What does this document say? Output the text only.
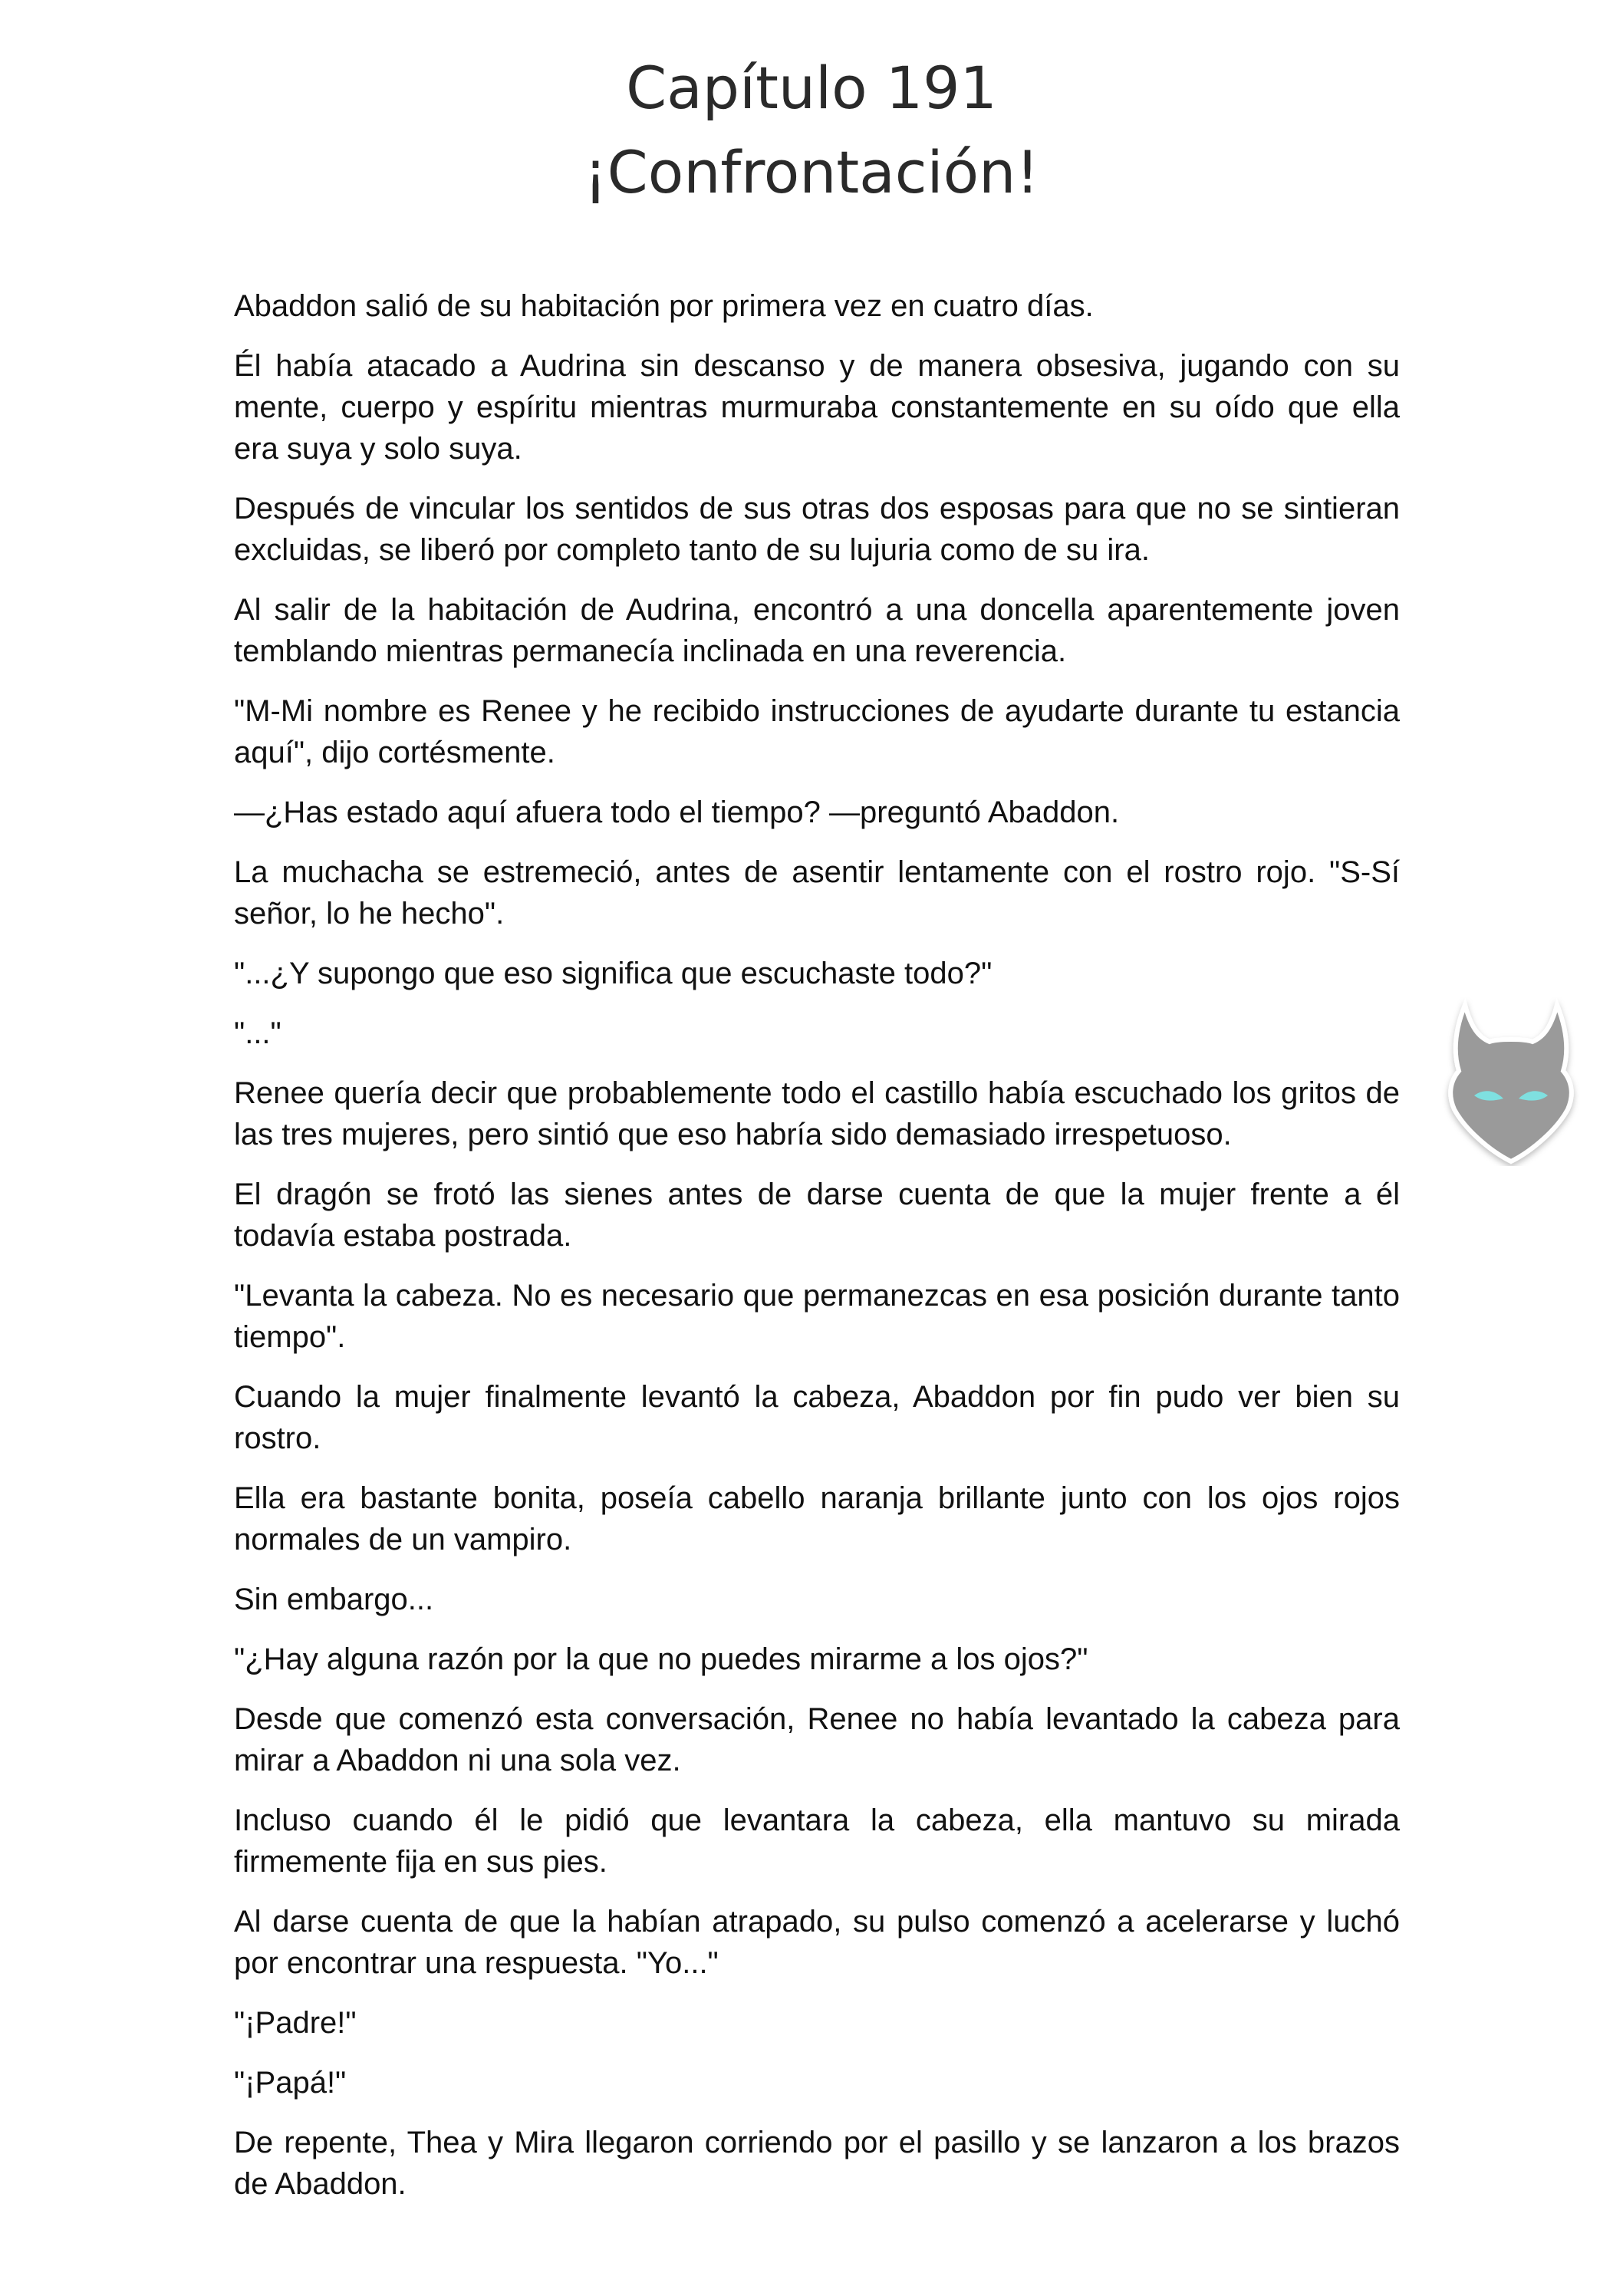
Capítulo 191
¡Confrontación!

Abaddon salió de su habitación por primera vez en cuatro días.

Él había atacado a Audrina sin descanso y de manera obsesiva, jugando con su mente, cuerpo y espíritu mientras murmuraba constantemente en su oído que ella era suya y solo suya.

Después de vincular los sentidos de sus otras dos esposas para que no se sintieran excluidas, se liberó por completo tanto de su lujuria como de su ira.

Al salir de la habitación de Audrina, encontró a una doncella aparentemente joven temblando mientras permanecía inclinada en una reverencia.

"M-Mi nombre es Renee y he recibido instrucciones de ayudarte durante tu estancia aquí", dijo cortésmente.

—¿Has estado aquí afuera todo el tiempo? —preguntó Abaddon.

La muchacha se estremeció, antes de asentir lentamente con el rostro rojo. "S-Sí señor, lo he hecho".

"...¿Y supongo que eso significa que escuchaste todo?"

"..."

Renee quería decir que probablemente todo el castillo había escuchado los gritos de las tres mujeres, pero sintió que eso habría sido demasiado irrespetuoso.

El dragón se frotó las sienes antes de darse cuenta de que la mujer frente a él todavía estaba postrada.

"Levanta la cabeza. No es necesario que permanezcas en esa posición durante tanto tiempo".

Cuando la mujer finalmente levantó la cabeza, Abaddon por fin pudo ver bien su rostro.

Ella era bastante bonita, poseía cabello naranja brillante junto con los ojos rojos normales de un vampiro.

Sin embargo...

"¿Hay alguna razón por la que no puedes mirarme a los ojos?"

Desde que comenzó esta conversación, Renee no había levantado la cabeza para mirar a Abaddon ni una sola vez.

Incluso cuando él le pidió que levantara la cabeza, ella mantuvo su mirada firmemente fija en sus pies.

Al darse cuenta de que la habían atrapado, su pulso comenzó a acelerarse y luchó por encontrar una respuesta. "Yo..."

"¡Padre!"

"¡Papá!"

De repente, Thea y Mira llegaron corriendo por el pasillo y se lanzaron a los brazos de Abaddon.
